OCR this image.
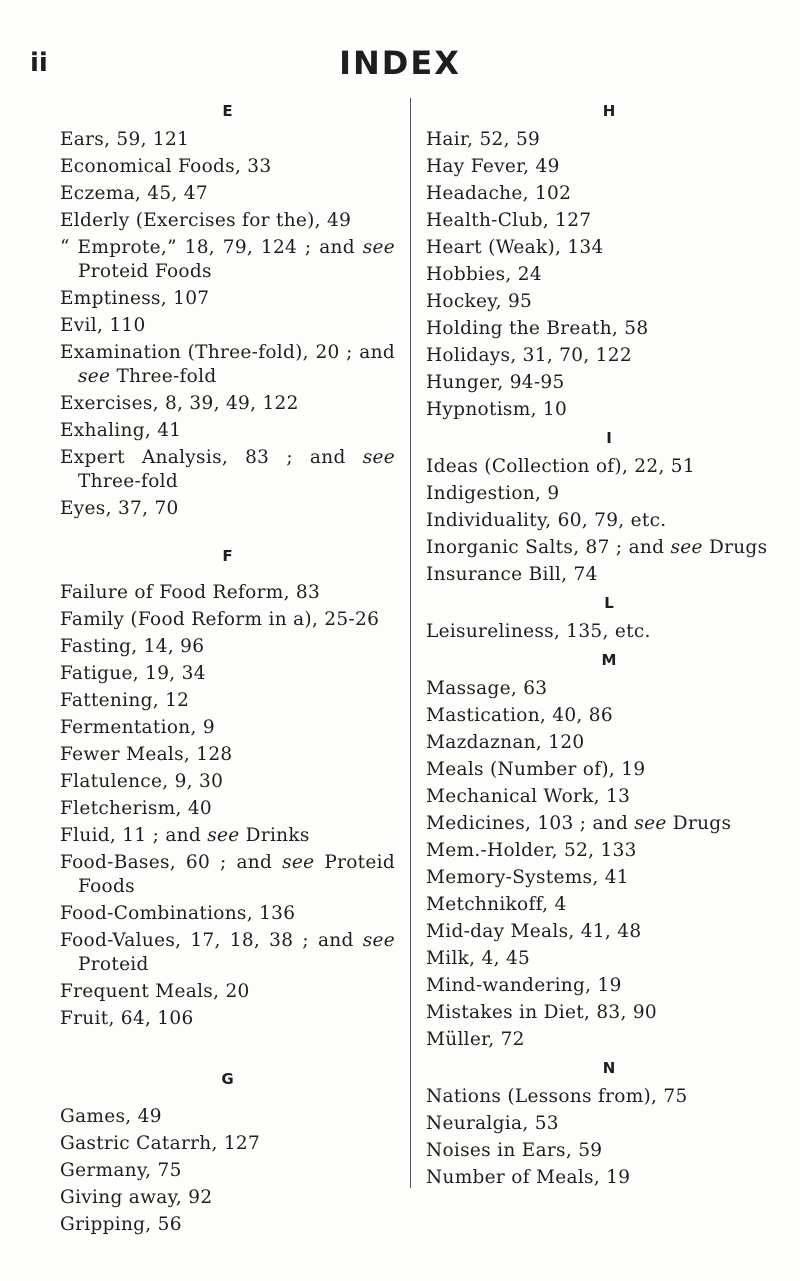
ii	INDEX
E
Ears, 59, 121
Economical Foods, 33
Eczema, 45, 47
Elderly (Exercises for the), 49
“ Emprote,” 18, 79, 124 ; and see Proteid Foods
Emptiness, 107
Evil, 110
Examination (Three-fold), 20 ; and see Three-fold
Exercises, 8, 39, 49, 122
Exhaling, 41
Expert Analysis, 83 ; and see Three-fold
Eyes, 37, 70
F
Failure of Food Reform, 83
Family (Food Reform in a), 25-26
Fasting, 14, 96
Fatigue, 19, 34
Fattening, 12
Fermentation, 9
Fewer Meals, 128
Flatulence, 9, 30
Fletcherism, 40
Fluid, 11 ; and see Drinks
Food-Bases, 60 ; and see Proteid Foods
Food-Combinations, 136
Food-Values, 17, 18, 38 ; and see Proteid
Frequent Meals, 20
Fruit, 64, 106
G
Games, 49
Gastric Catarrh, 127
Germany, 75
Giving away, 92
Gripping, 56
H
Hair, 52, 59
Hay Fever, 49
Headache, 102
Health-Club, 127
Heart (Weak), 134
Hobbies, 24
Hockey, 95
Holding the Breath, 58
Holidays, 31, 70, 122
Hunger, 94-95
Hypnotism, 10
I
Ideas (Collection of), 22, 51
Indigestion, 9
Individuality, 60, 79, etc.
Inorganic Salts, 87 ; and see Drugs
Insurance Bill, 74
L
Leisureliness, 135, etc.
M
Massage, 63
Mastication, 40, 86
Mazdaznan, 120
Meals (Number of), 19
Mechanical Work, 13
Medicines, 103 ; and see Drugs
Mem.-Holder, 52, 133
Memory-Systems, 41
Metchnikoff, 4
Mid-day Meals, 41, 48
Milk, 4, 45
Mind-wandering, 19
Mistakes in Diet, 83, 90
Müller, 72
N
Nations (Lessons from), 75
Neuralgia, 53
Noises in Ears, 59
Number of Meals, 19
